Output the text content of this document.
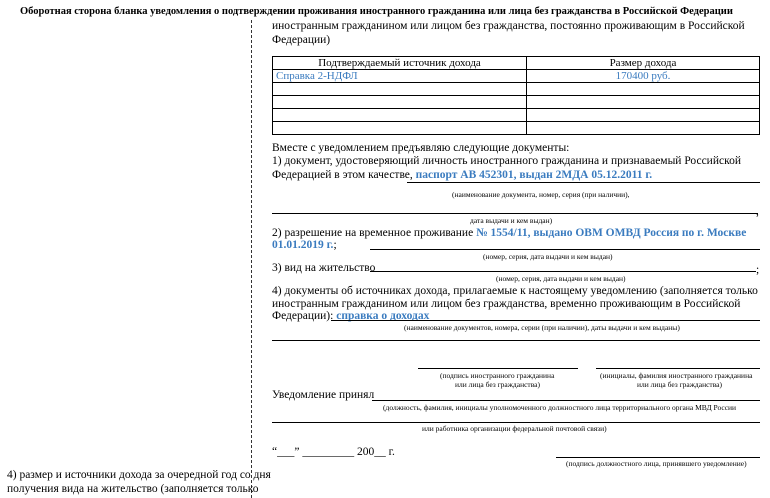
Оборотная сторона бланка уведомления о подтверждении проживания иностранного гражданина или лица без гражданства в Российской Федерации
иностранным гражданином или лицом без гражданства, постоянно проживающим в Российской
Федерации)
Подтверждаемый источник дохода	Размер дохода
Справка 2-НДФЛ	170400 руб.

Вместе с уведомлением предъявляю следующие документы:
1) документ, удостоверяющий личность иностранного гражданина и признаваемый Российской
Федерацией в этом качестве, паспорт АВ 452301, выдан 2МДА 05.12.2011 г.
(наименование документа, номер, серия (при наличии),
,
дата выдачи и кем выдан)
2) разрешение на временное проживание № 1554/11, выдано ОВМ ОМВД Россия по г. Москве
01.01.2019 г.;
(номер, серия, дата выдачи и кем выдан)
3) вид на жительство	;
(номер, серия, дата выдачи и кем выдан)
4) документы об источниках дохода, прилагаемые к настоящему уведомлению (заполняется только
иностранным гражданином или лицом без гражданства, временно проживающим в Российской
Федерации): справка о доходах
(наименование документов, номера, серии (при наличии), даты выдачи и кем выданы)
(подпись иностранного гражданина
или лица без гражданства)
(инициалы, фамилия иностранного гражданина
или лица без гражданства)
Уведомление принял
(должность, фамилия, инициалы уполномоченного должностного лица территориального органа МВД России
или работника организации федеральной почтовой связи)
“___” _________ 200__ г.
(подпись должностного лица, принявшего уведомление)
4) размер и источники дохода за очередной год со дня
получения вида на жительство (заполняется только
